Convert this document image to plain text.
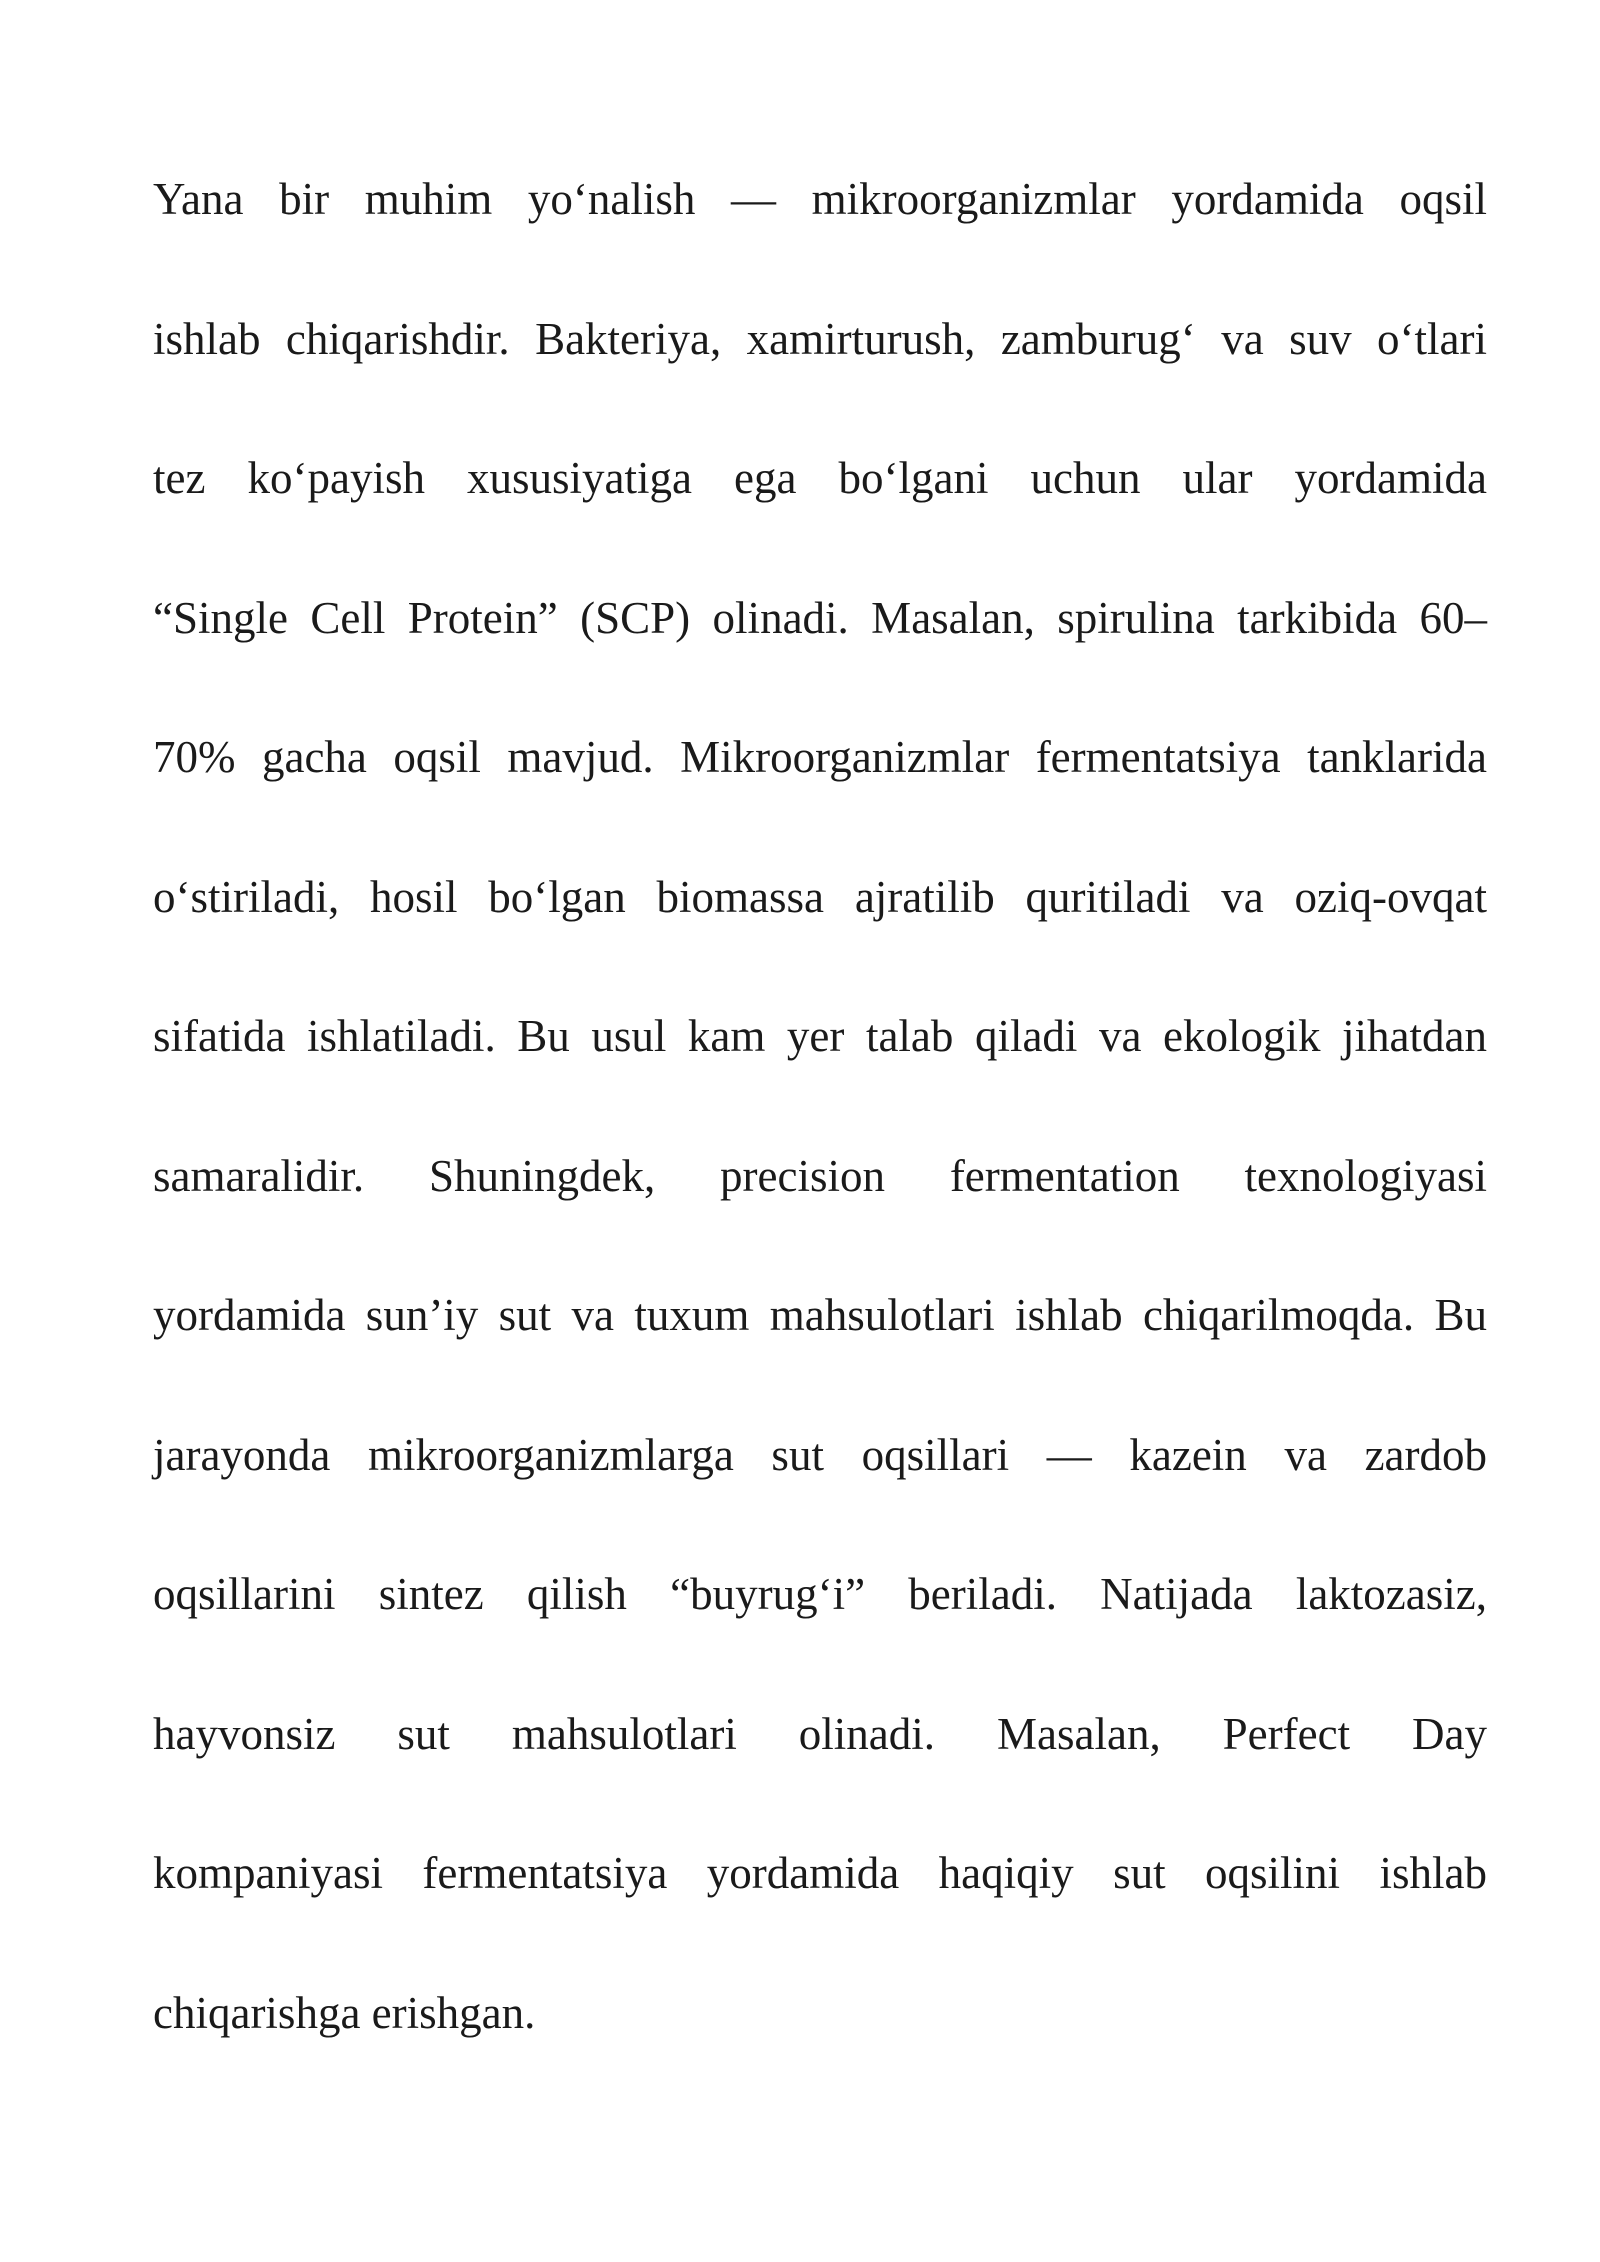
Yana bir muhim yo‘nalish — mikroorganizmlar yordamida oqsil
ishlab chiqarishdir. Bakteriya, xamirturush, zamburug‘ va suv o‘tlari
tez ko‘payish xususiyatiga ega bo‘lgani uchun ular yordamida
“Single Cell Protein” (SCP) olinadi. Masalan, spirulina tarkibida 60–
70% gacha oqsil mavjud. Mikroorganizmlar fermentatsiya tanklarida
o‘stiriladi, hosil bo‘lgan biomassa ajratilib quritiladi va oziq-ovqat
sifatida ishlatiladi. Bu usul kam yer talab qiladi va ekologik jihatdan
samaralidir. Shuningdek, precision fermentation texnologiyasi
yordamida sun’iy sut va tuxum mahsulotlari ishlab chiqarilmoqda. Bu
jarayonda mikroorganizmlarga sut oqsillari — kazein va zardob
oqsillarini sintez qilish “buyrug‘i” beriladi. Natijada laktozasiz,
hayvonsiz sut mahsulotlari olinadi. Masalan, Perfect Day
kompaniyasi fermentatsiya yordamida haqiqiy sut oqsilini ishlab
chiqarishga erishgan.
